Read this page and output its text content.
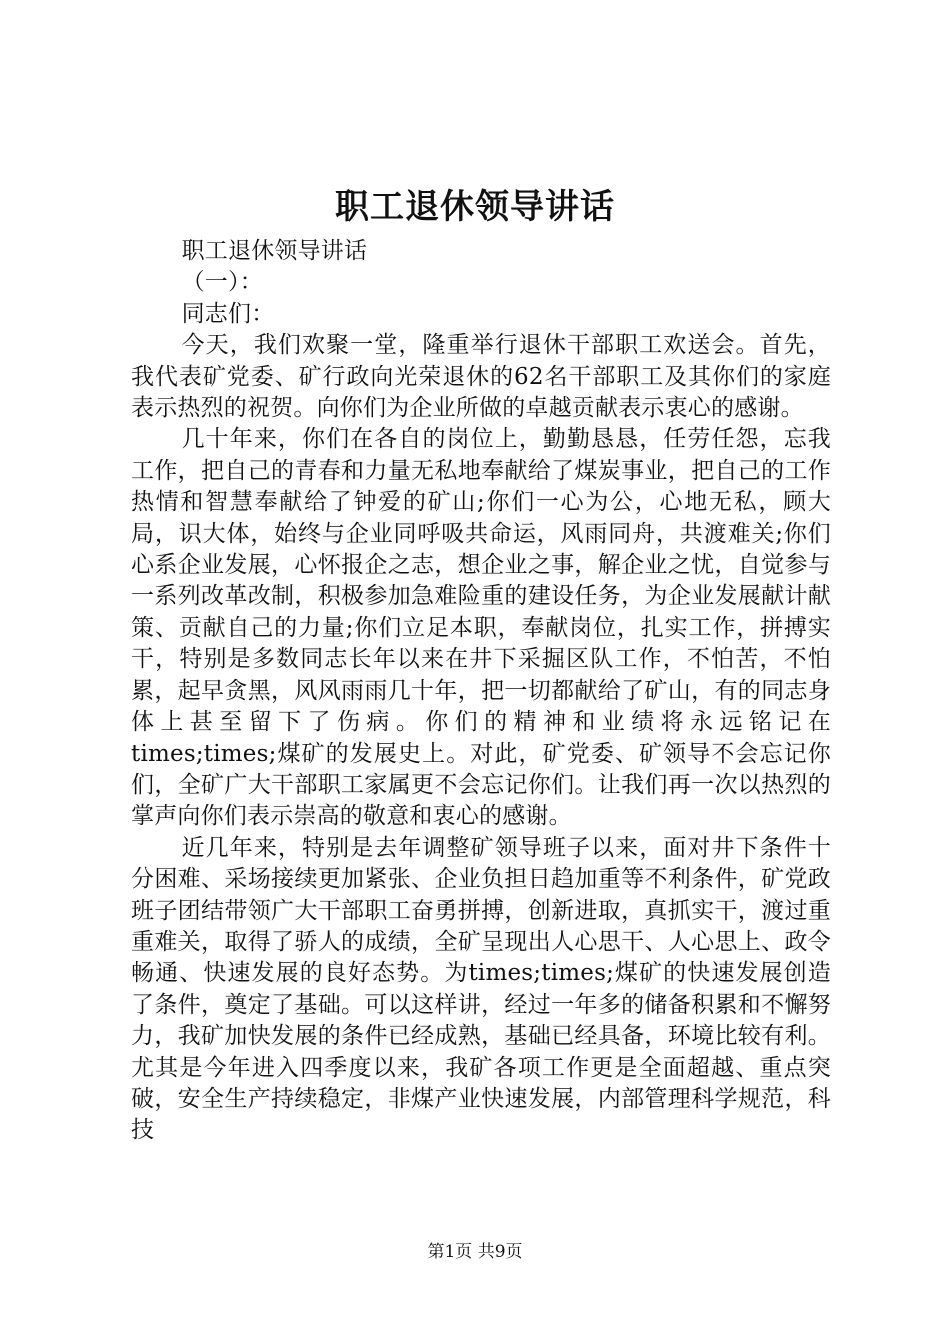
职工退休领导讲话

职工退休领导讲话

（一）：

同志们：

今天，我们欢聚一堂，隆重举行退休干部职工欢送会。首先，我代表矿党委、矿行政向光荣退休的62名干部职工及其你们的家庭表示热烈的祝贺。向你们为企业所做的卓越贡献表示衷心的感谢。

几十年来，你们在各自的岗位上，勤勤恳恳，任劳任怨，忘我工作，把自己的青春和力量无私地奉献给了煤炭事业，把自己的工作热情和智慧奉献给了钟爱的矿山;你们一心为公，心地无私，顾大局，识大体，始终与企业同呼吸共命运，风雨同舟，共渡难关;你们心系企业发展，心怀报企之志，想企业之事，解企业之忧，自觉参与一系列改革改制，积极参加急难险重的建设任务，为企业发展献计献策、贡献自己的力量;你们立足本职，奉献岗位，扎实工作，拼搏实干，特别是多数同志长年以来在井下采掘区队工作，不怕苦，不怕累，起早贪黑，风风雨雨几十年，把一切都献给了矿山，有的同志身体上甚至留下了伤病。你们的精神和业绩将永远铭记在times;times;煤矿的发展史上。对此，矿党委、矿领导不会忘记你们，全矿广大干部职工家属更不会忘记你们。让我们再一次以热烈的掌声向你们表示崇高的敬意和衷心的感谢。

近几年来，特别是去年调整矿领导班子以来，面对井下条件十分困难、采场接续更加紧张、企业负担日趋加重等不利条件，矿党政班子团结带领广大干部职工奋勇拼搏，创新进取，真抓实干，渡过重重难关，取得了骄人的成绩，全矿呈现出人心思干、人心思上、政令畅通、快速发展的良好态势。为times;times;煤矿的快速发展创造了条件，奠定了基础。可以这样讲，经过一年多的储备积累和不懈努力，我矿加快发展的条件已经成熟，基础已经具备，环境比较有利。尤其是今年进入四季度以来，我矿各项工作更是全面超越、重点突破，安全生产持续稳定，非煤产业快速发展，内部管理科学规范，科技

第1页 共9页
